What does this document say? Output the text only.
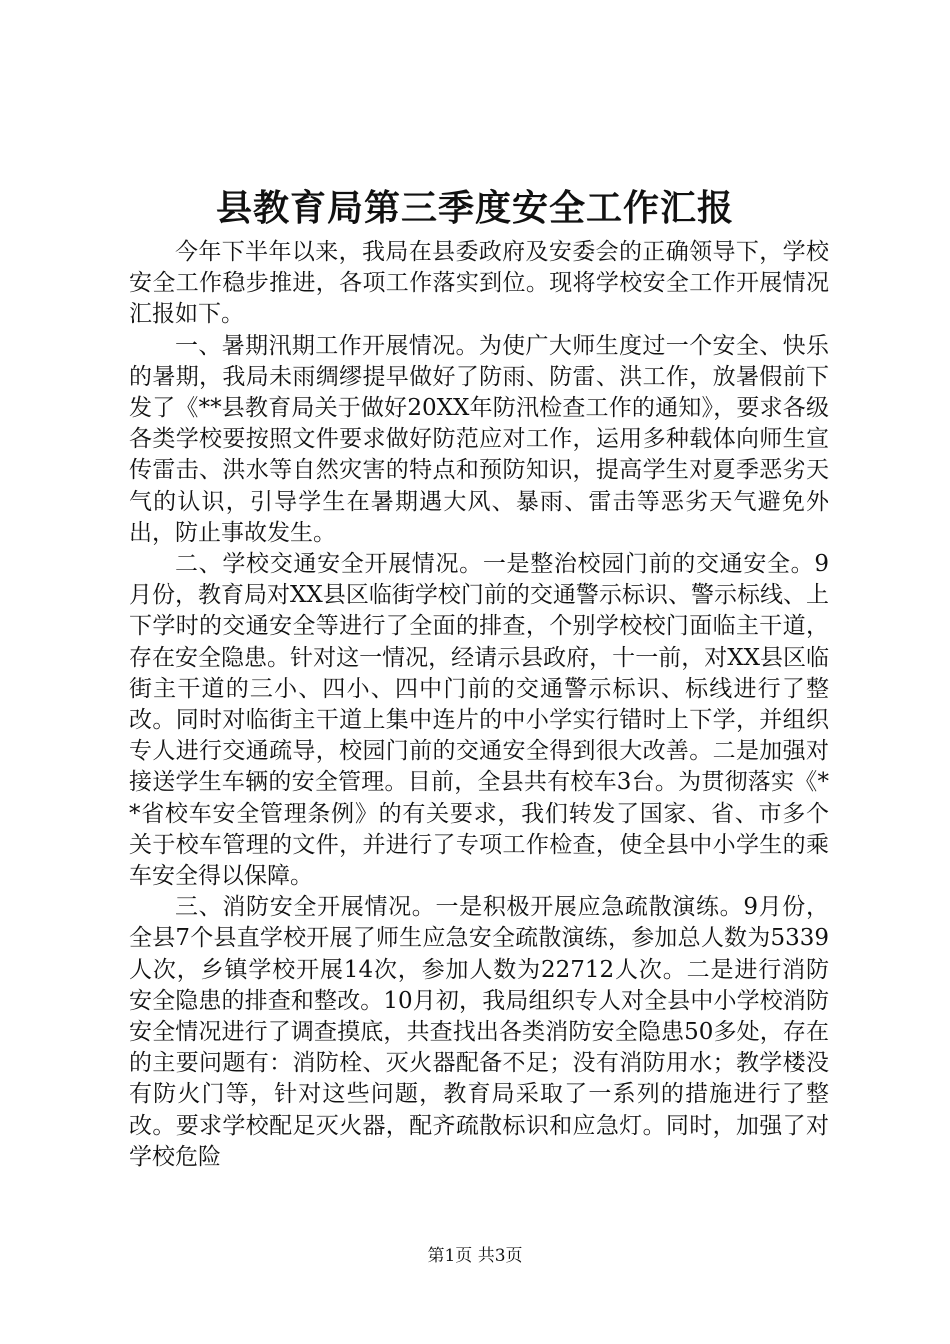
县教育局第三季度安全工作汇报

今年下半年以来，我局在县委政府及安委会的正确领导下，学校安全工作稳步推进，各项工作落实到位。现将学校安全工作开展情况汇报如下。

一、暑期汛期工作开展情况。为使广大师生度过一个安全、快乐的暑期，我局未雨绸缪提早做好了防雨、防雷、洪工作，放暑假前下发了《**县教育局关于做好20XX年防汛检查工作的通知》，要求各级各类学校要按照文件要求做好防范应对工作，运用多种载体向师生宣传雷击、洪水等自然灾害的特点和预防知识，提高学生对夏季恶劣天气的认识，引导学生在暑期遇大风、暴雨、雷击等恶劣天气避免外出，防止事故发生。

二、学校交通安全开展情况。一是整治校园门前的交通安全。9月份，教育局对XX县区临街学校门前的交通警示标识、警示标线、上下学时的交通安全等进行了全面的排查，个别学校校门面临主干道，存在安全隐患。针对这一情况，经请示县政府，十一前，对XX县区临街主干道的三小、四小、四中门前的交通警示标识、标线进行了整改。同时对临街主干道上集中连片的中小学实行错时上下学，并组织专人进行交通疏导，校园门前的交通安全得到很大改善。二是加强对接送学生车辆的安全管理。目前，全县共有校车3台。为贯彻落实《**省校车安全管理条例》的有关要求，我们转发了国家、省、市多个关于校车管理的文件，并进行了专项工作检查，使全县中小学生的乘车安全得以保障。

三、消防安全开展情况。一是积极开展应急疏散演练。9月份，全县7个县直学校开展了师生应急安全疏散演练，参加总人数为5339人次，乡镇学校开展14次，参加人数为22712人次。二是进行消防安全隐患的排查和整改。10月初，我局组织专人对全县中小学校消防安全情况进行了调查摸底，共查找出各类消防安全隐患50多处，存在的主要问题有：消防栓、灭火器配备不足；没有消防用水；教学楼没有防火门等，针对这些问题，教育局采取了一系列的措施进行了整改。要求学校配足灭火器，配齐疏散标识和应急灯。同时，加强了对学校危险

第1页 共3页
